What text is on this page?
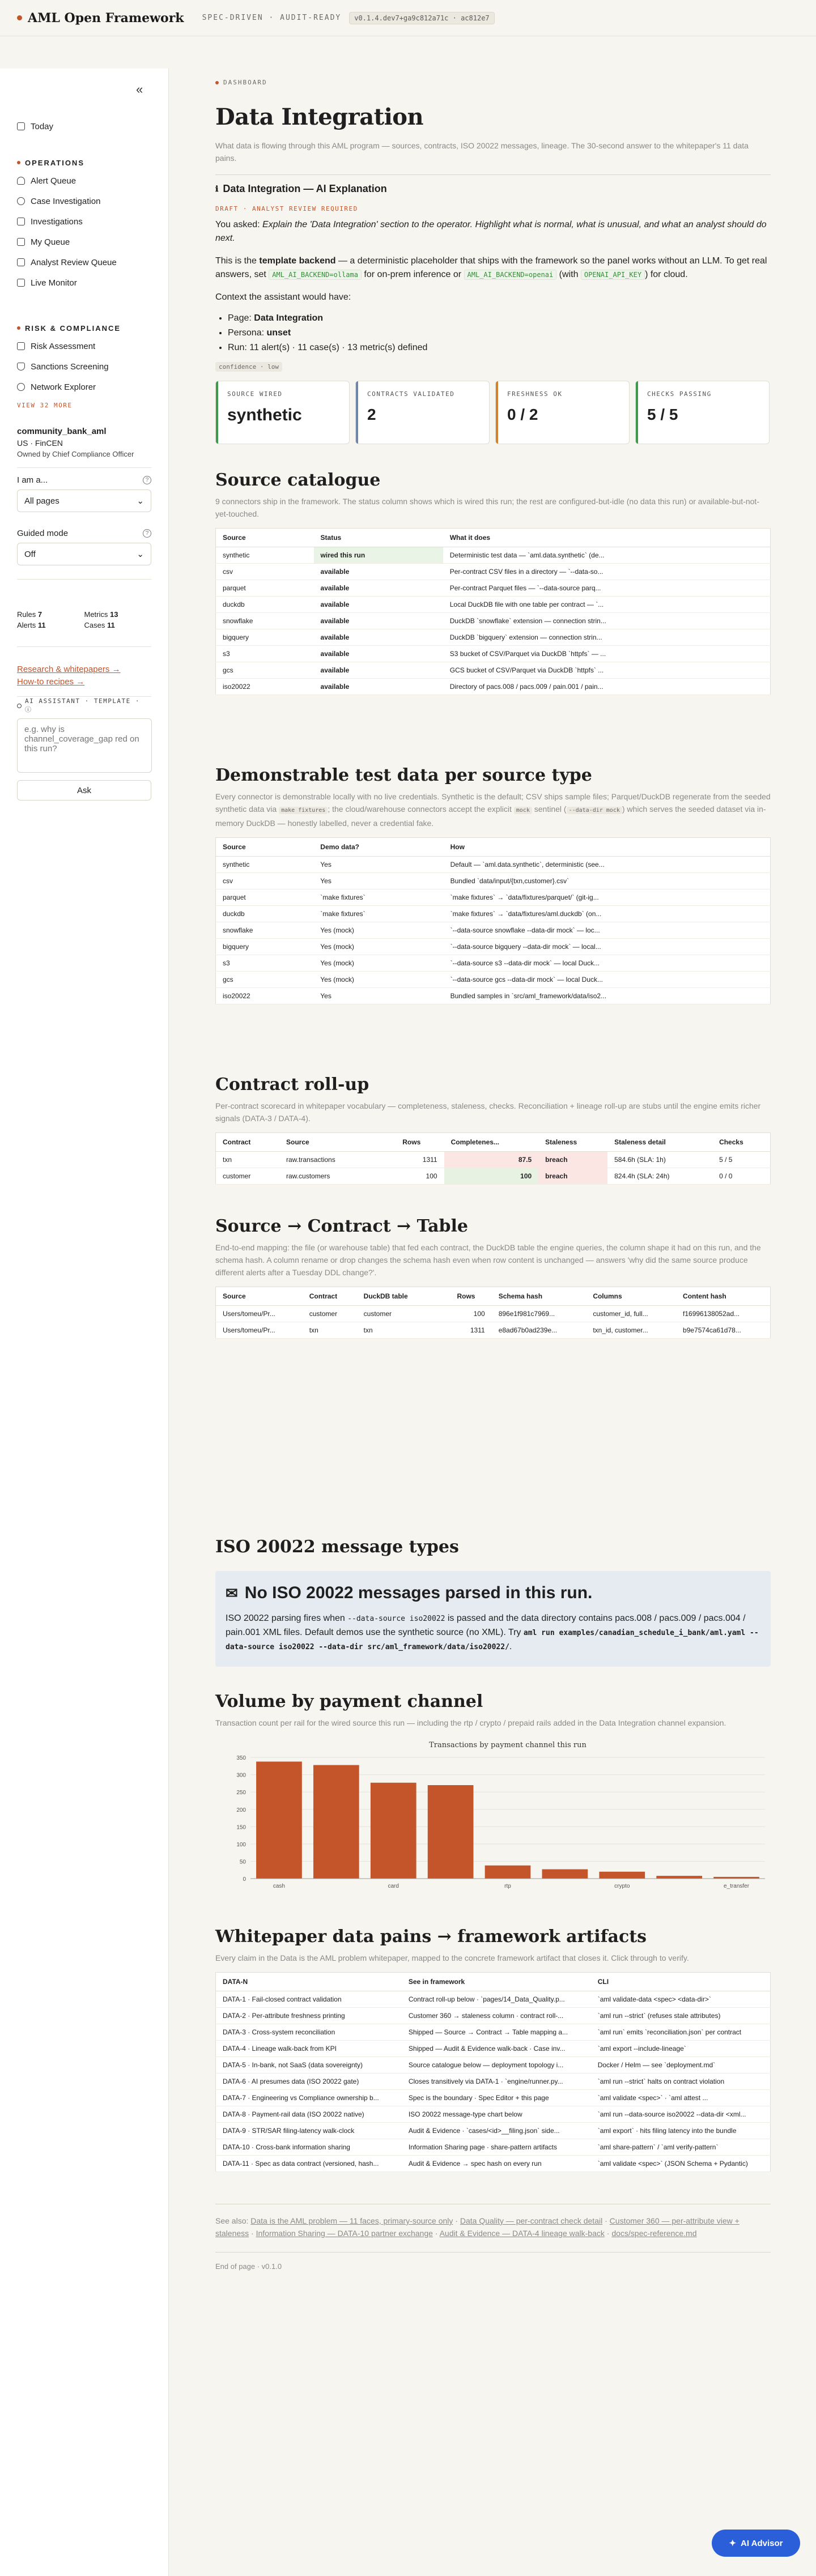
AML Open Framework SPEC-DRIVEN · AUDIT-READY	v0.1.4.dev7+ga9c812a71c · ac812e7
«
Today
OPERATIONS
Alert Queue
Case Investigation
Investigations
My Queue
Analyst Review Queue
Live Monitor
RISK & COMPLIANCE
Risk Assessment
Sanctions Screening
Network Explorer
VIEW 32 MORE
community_bank_aml
US · FinCEN
Owned by Chief Compliance Officer
I am a...	?
All pages	⌄
Guided mode	?
Off	⌄
Rules 7	Metrics 13
Alerts 11	Cases 11
Research & whitepapers →
How-to recipes →
AI ASSISTANT · TEMPLATE · ⓘ
e.g. why is channel_coverage_gap red on this run?
Ask
DASHBOARD
Data Integration
What data is flowing through this AML program — sources, contracts, ISO 20022 messages, lineage. The 30-second answer to the whitepaper's 11 data pains.
ℹ Data Integration — AI Explanation
DRAFT · ANALYST REVIEW REQUIRED
You asked: Explain the 'Data Integration' section to the operator. Highlight what is normal, what is unusual, and what an analyst should do next.
This is the template backend — a deterministic placeholder that ships with the framework so the panel works without an LLM. To get real answers, set AML_AI_BACKEND=ollama for on-prem inference or AML_AI_BACKEND=openai (with OPENAI_API_KEY ) for cloud.
Context the assistant would have:
• Page: Data Integration
• Persona: unset
• Run: 11 alert(s) · 11 case(s) · 13 metric(s) defined
confidence · low
SOURCE WIRED
synthetic
CONTRACTS VALIDATED
2
FRESHNESS OK
0 / 2
CHECKS PASSING
5 / 5
Source catalogue
9 connectors ship in the framework. The status column shows which is wired this run; the rest are configured-but-idle (no data this run) or available-but-not-yet-touched.
Source	Status	What it does
synthetic	wired this run	Deterministic test data — `aml.data.synthetic` (de...
csv	available	Per-contract CSV files in a directory — `--data-so...
parquet	available	Per-contract Parquet files — `--data-source parq...
duckdb	available	Local DuckDB file with one table per contract — `...
snowflake	available	DuckDB `snowflake` extension — connection strin...
bigquery	available	DuckDB `bigquery` extension — connection strin...
s3	available	S3 bucket of CSV/Parquet via DuckDB `httpfs` — ...
gcs	available	GCS bucket of CSV/Parquet via DuckDB `httpfs` ...
iso20022	available	Directory of pacs.008 / pacs.009 / pain.001 / pain...
Demonstrable test data per source type
Every connector is demonstrable locally with no live credentials. Synthetic is the default; CSV ships sample files; Parquet/DuckDB regenerate from the seeded synthetic data via make fixtures ; the cloud/warehouse connectors accept the explicit mock sentinel ( --data-dir mock ) which serves the seeded dataset via in-memory DuckDB — honestly labelled, never a credential fake.
Source	Demo data?	How
synthetic	Yes	Default — `aml.data.synthetic`, deterministic (see...
csv	Yes	Bundled `data/input/{txn,customer}.csv`
parquet	`make fixtures`	`make fixtures` → `data/fixtures/parquet/` (git-ig...
duckdb	`make fixtures`	`make fixtures` → `data/fixtures/aml.duckdb` (on...
snowflake	Yes (mock)	`--data-source snowflake --data-dir mock` — loc...
bigquery	Yes (mock)	`--data-source bigquery --data-dir mock` — local...
s3	Yes (mock)	`--data-source s3 --data-dir mock` — local Duck...
gcs	Yes (mock)	`--data-source gcs --data-dir mock` — local Duck...
iso20022	Yes	Bundled samples in `src/aml_framework/data/iso2...
Contract roll-up
Per-contract scorecard in whitepaper vocabulary — completeness, staleness, checks. Reconciliation + lineage roll-up are stubs until the engine emits richer signals (DATA-3 / DATA-4).
Contract	Source		Rows	Completenes...	Staleness	Staleness detail	Checks
txn	raw.transactions		1311	87.5	breach	584.6h (SLA: 1h)	5 / 5
customer	raw.customers		100	100	breach	824.4h (SLA: 24h)	0 / 0
Source → Contract → Table
End-to-end mapping: the file (or warehouse table) that fed each contract, the DuckDB table the engine queries, the column shape it had on this run, and the schema hash. A column rename or drop changes the schema hash even when row content is unchanged — answers 'why did the same source produce different alerts after a Tuesday DDL change?'.
Source	Contract	DuckDB table		Rows	Schema hash	Columns	Content hash
Users/tomeu/Pr...	customer	customer		100	896e1f981c7969...	customer_id, full...	f16996138052ad...
Users/tomeu/Pr...	txn	txn		1311	e8ad67b0ad239e...	txn_id, customer...	b9e7574ca61d78...
ISO 20022 message types
✉ No ISO 20022 messages parsed in this run.

ISO 20022 parsing fires when --data-source iso20022 is passed and the data directory contains pacs.008 / pacs.009 / pacs.004 / pain.001 XML files. Default demos use the synthetic source (no XML). Try aml run examples/canadian_schedule_i_bank/aml.yaml --data-source iso20022 --data-dir src/aml_framework/data/iso20022/.

Volume by payment channel
Transaction count per rail for the wired source this run — including the rtp / crypto / prepaid rails added in the Data Integration channel expansion.
Transactions by payment channel this run
0
50
100
150
200
250
300
350
cash	card	rtp	crypto	e_transfer
Whitepaper data pains → framework artifacts
Every claim in the Data is the AML problem whitepaper, mapped to the concrete framework artifact that closes it. Click through to verify.
DATA-N	See in framework	CLI
DATA-1 · Fail-closed contract validation	Contract roll-up below · `pages/14_Data_Quality.p...	`aml validate-data <spec> <data-dir>`
DATA-2 · Per-attribute freshness printing	Customer 360 → staleness column · contract roll-...	`aml run --strict` (refuses stale attributes)
DATA-3 · Cross-system reconciliation	Shipped — Source → Contract → Table mapping a...	`aml run` emits `reconciliation.json` per contract
DATA-4 · Lineage walk-back from KPI	Shipped — Audit & Evidence walk-back · Case inv...	`aml export --include-lineage`
DATA-5 · In-bank, not SaaS (data sovereignty)	Source catalogue below — deployment topology i...	Docker / Helm — see `deployment.md`
DATA-6 · AI presumes data (ISO 20022 gate)	Closes transitively via DATA-1 · `engine/runner.py...	`aml run --strict` halts on contract violation
DATA-7 · Engineering vs Compliance ownership b...	Spec is the boundary · Spec Editor + this page	`aml validate <spec>` · `aml attest ...
DATA-8 · Payment-rail data (ISO 20022 native)	ISO 20022 message-type chart below	`aml run --data-source iso20022 --data-dir <xml...
DATA-9 · STR/SAR filing-latency walk-clock	Audit & Evidence · `cases/<id>__filing.json` side...	`aml export` · hits filing latency into the bundle
DATA-10 · Cross-bank information sharing	Information Sharing page · share-pattern artifacts	`aml share-pattern` / `aml verify-pattern`
DATA-11 · Spec as data contract (versioned, hash...	Audit & Evidence → spec hash on every run	`aml validate <spec>` (JSON Schema + Pydantic)
See also: Data is the AML problem — 11 faces, primary-source only · Data Quality — per-contract check detail · Customer 360 — per-attribute view + staleness · Information Sharing — DATA-10 partner exchange · Audit & Evidence — DATA-4 lineage walk-back · docs/spec-reference.md
End of page · v0.1.0
✦ AI Advisor
